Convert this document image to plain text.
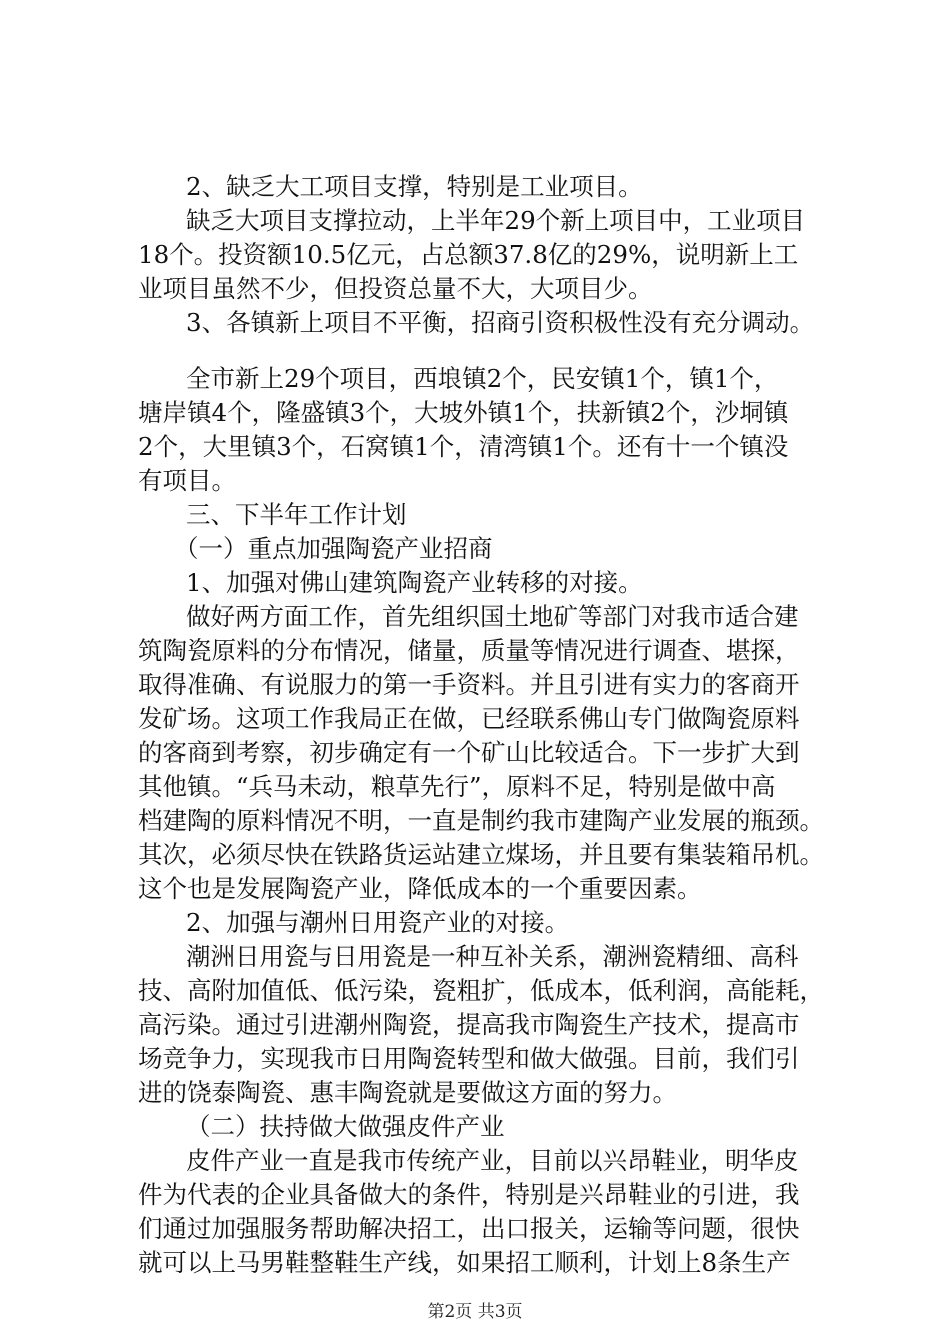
2、缺乏大工项目支撑，特别是工业项目。
缺乏大项目支撑拉动，上半年29个新上项目中，工业项目
18个。投资额10.5亿元，占总额37.8亿的29%，说明新上工
业项目虽然不少，但投资总量不大，大项目少。
3、各镇新上项目不平衡，招商引资积极性没有充分调动。
全市新上29个项目，西埌镇2个，民安镇1个，镇1个，
塘岸镇4个，隆盛镇3个，大坡外镇1个，扶新镇2个，沙垌镇
2个，大里镇3个，石窝镇1个，清湾镇1个。还有十一个镇没
有项目。
三、下半年工作计划
（一）重点加强陶瓷产业招商
1、加强对佛山建筑陶瓷产业转移的对接。
做好两方面工作，首先组织国土地矿等部门对我市适合建
筑陶瓷原料的分布情况，储量，质量等情况进行调查、堪探，
取得准确、有说服力的第一手资料。并且引进有实力的客商开
发矿场。这项工作我局正在做，已经联系佛山专门做陶瓷原料
的客商到考察，初步确定有一个矿山比较适合。下一步扩大到
其他镇。“兵马未动，粮草先行”，原料不足，特别是做中高
档建陶的原料情况不明，一直是制约我市建陶产业发展的瓶颈。
其次，必须尽快在铁路货运站建立煤场，并且要有集装箱吊机。
这个也是发展陶瓷产业，降低成本的一个重要因素。
2、加强与潮州日用瓷产业的对接。
潮洲日用瓷与日用瓷是一种互补关系，潮洲瓷精细、高科
技、高附加值低、低污染，瓷粗扩，低成本，低利润，高能耗，
高污染。通过引进潮州陶瓷，提高我市陶瓷生产技术，提高市
场竞争力，实现我市日用陶瓷转型和做大做强。目前，我们引
进的饶泰陶瓷、惠丰陶瓷就是要做这方面的努力。
（二）扶持做大做强皮件产业
皮件产业一直是我市传统产业，目前以兴昂鞋业，明华皮
件为代表的企业具备做大的条件，特别是兴昂鞋业的引进，我
们通过加强服务帮助解决招工，出口报关，运输等问题，很快
就可以上马男鞋整鞋生产线，如果招工顺利，计划上8条生产
第2页 共3页
